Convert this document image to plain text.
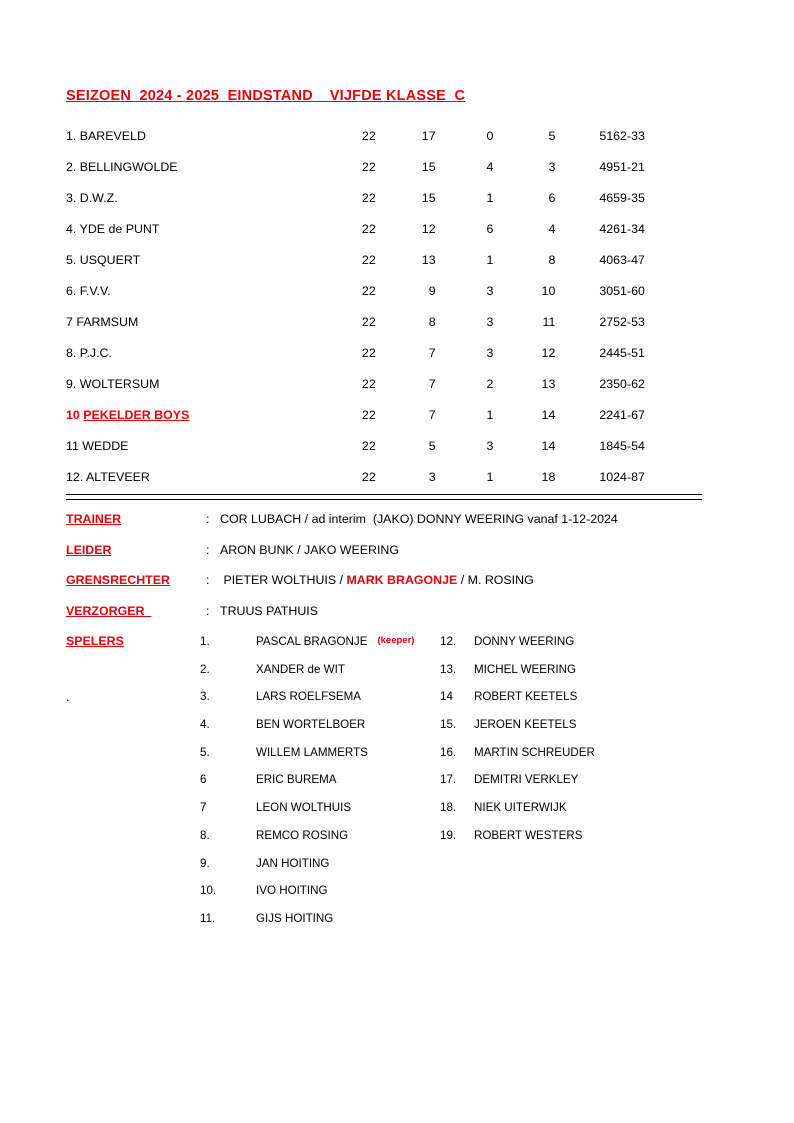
SEIZOEN  2024 - 2025  EINDSTAND    VIJFDE KLASSE  C
1. BAREVELD	22	17	0	5	51	62-33
2. BELLINGWOLDE	22	15	4	3	49	51-21
3. D.W.Z.	22	15	1	6	46	59-35
4. YDE de PUNT	22	12	6	4	42	61-34
5. USQUERT	22	13	1	8	40	63-47
6. F.V.V.	22	9	3	10	30	51-60
7 FARMSUM	22	8	3	11	27	52-53
8. P.J.C.	22	7	3	12	24	45-51
9. WOLTERSUM	22	7	2	13	23	50-62
10 PEKELDER BOYS	22	7	1	14	22	41-67
11 WEDDE	22	5	3	14	18	45-54
12. ALTEVEER	22	3	1	18	10	24-87
TRAINER	: COR LUBACH / ad interim  (JAKO) DONNY WEERING vanaf 1-12-2024
LEIDER	: ARON BUNK / JAKO WEERING
GRENSRECHTER	: PIETER WOLTHUIS / MARK BRAGONJE / M. ROSING
VERZORGER	: TRUUS PATHUIS
SPELERS
.
1.	PASCAL BRAGONJE (keeper)
2.	XANDER de WIT
3.	LARS ROELFSEMA
4.	BEN WORTELBOER
5.	WILLEM LAMMERTS
6	ERIC BUREMA
7	LEON WOLTHUIS
8.	REMCO ROSING
9.	JAN HOITING
10.	IVO HOITING
11.	GIJS HOITING
12.	DONNY WEERING
13.	MICHEL WEERING
14	ROBERT KEETELS
15.	JEROEN KEETELS
16.	MARTIN SCHREUDER
17.	DEMITRI VERKLEY
18.	NIEK UITERWIJK
19.	ROBERT WESTERS
